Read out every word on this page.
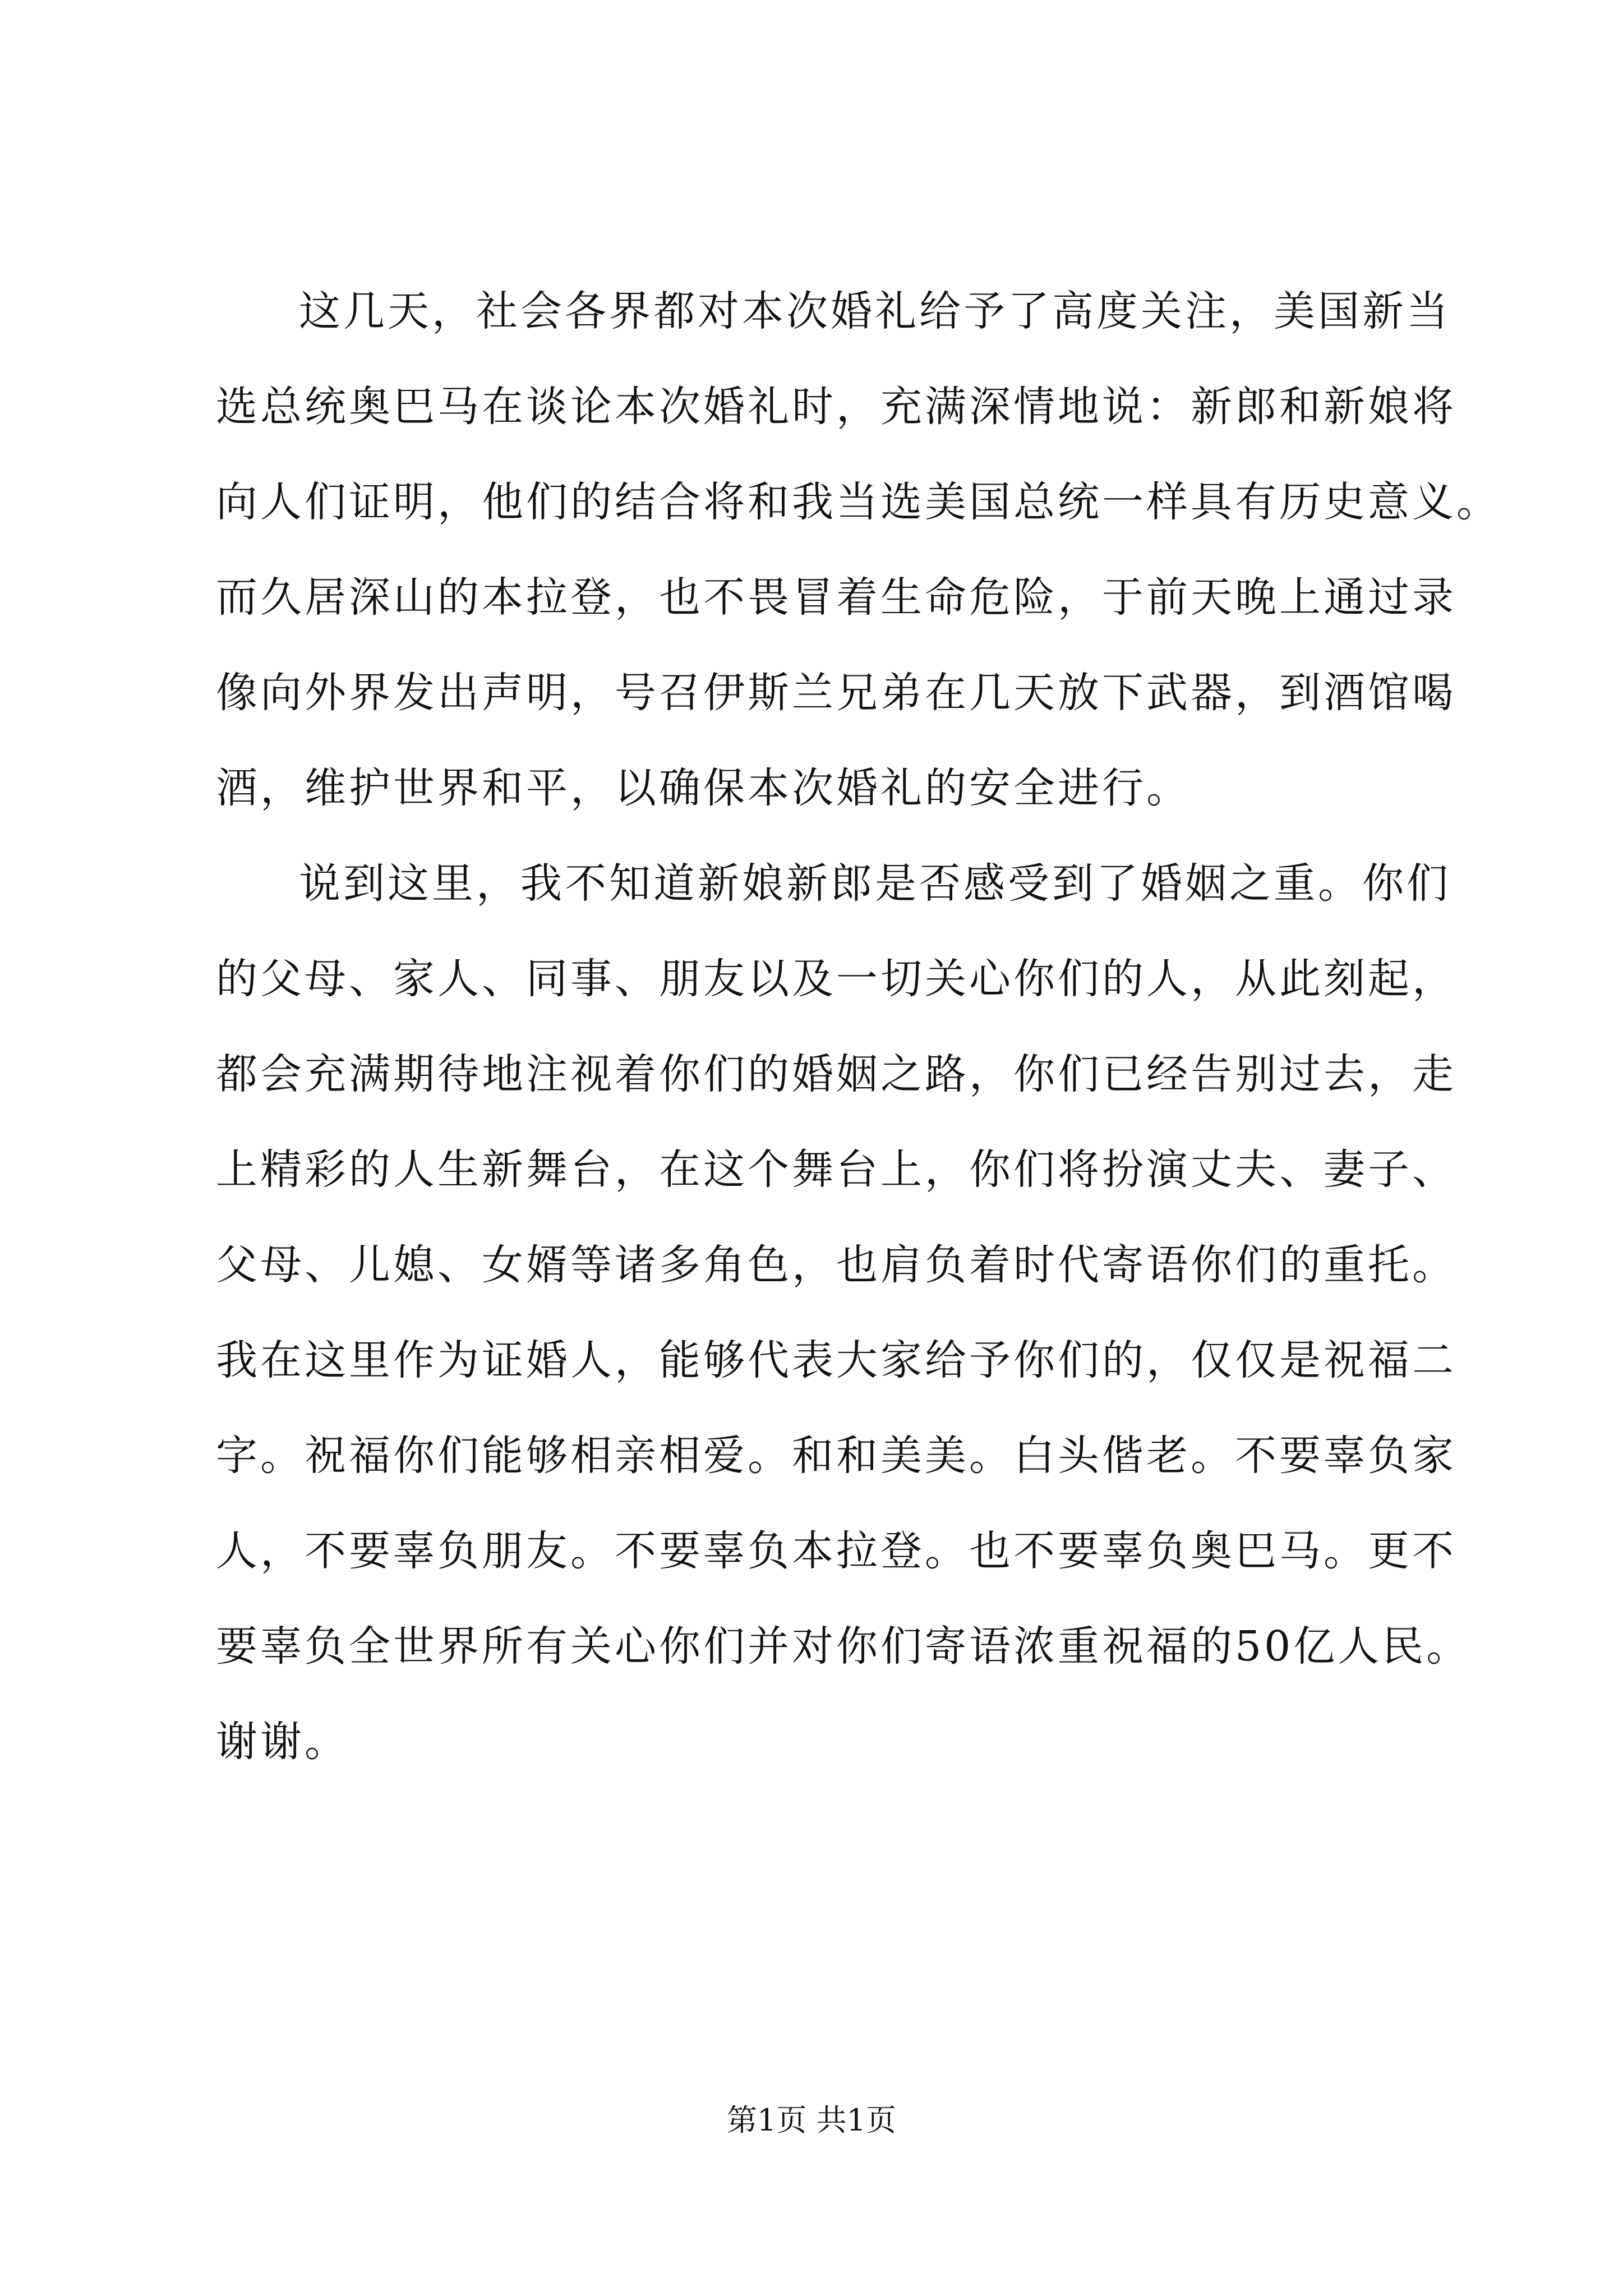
这几天，社会各界都对本次婚礼给予了高度关注，美国新当
选总统奥巴马在谈论本次婚礼时，充满深情地说：新郎和新娘将
向人们证明，他们的结合将和我当选美国总统一样具有历史意义。
而久居深山的本拉登，也不畏冒着生命危险，于前天晚上通过录
像向外界发出声明，号召伊斯兰兄弟在几天放下武器，到酒馆喝
酒，维护世界和平，以确保本次婚礼的安全进行。
说到这里，我不知道新娘新郎是否感受到了婚姻之重。你们
的父母、家人、同事、朋友以及一切关心你们的人，从此刻起，
都会充满期待地注视着你们的婚姻之路，你们已经告别过去，走
上精彩的人生新舞台，在这个舞台上，你们将扮演丈夫、妻子、
父母、儿媳、女婿等诸多角色，也肩负着时代寄语你们的重托。
我在这里作为证婚人，能够代表大家给予你们的，仅仅是祝福二
字。祝福你们能够相亲相爱。和和美美。白头偕老。不要辜负家
人，不要辜负朋友。不要辜负本拉登。也不要辜负奥巴马。更不
要辜负全世界所有关心你们并对你们寄语浓重祝福的50亿人民。
谢谢。
第1页 共1页
